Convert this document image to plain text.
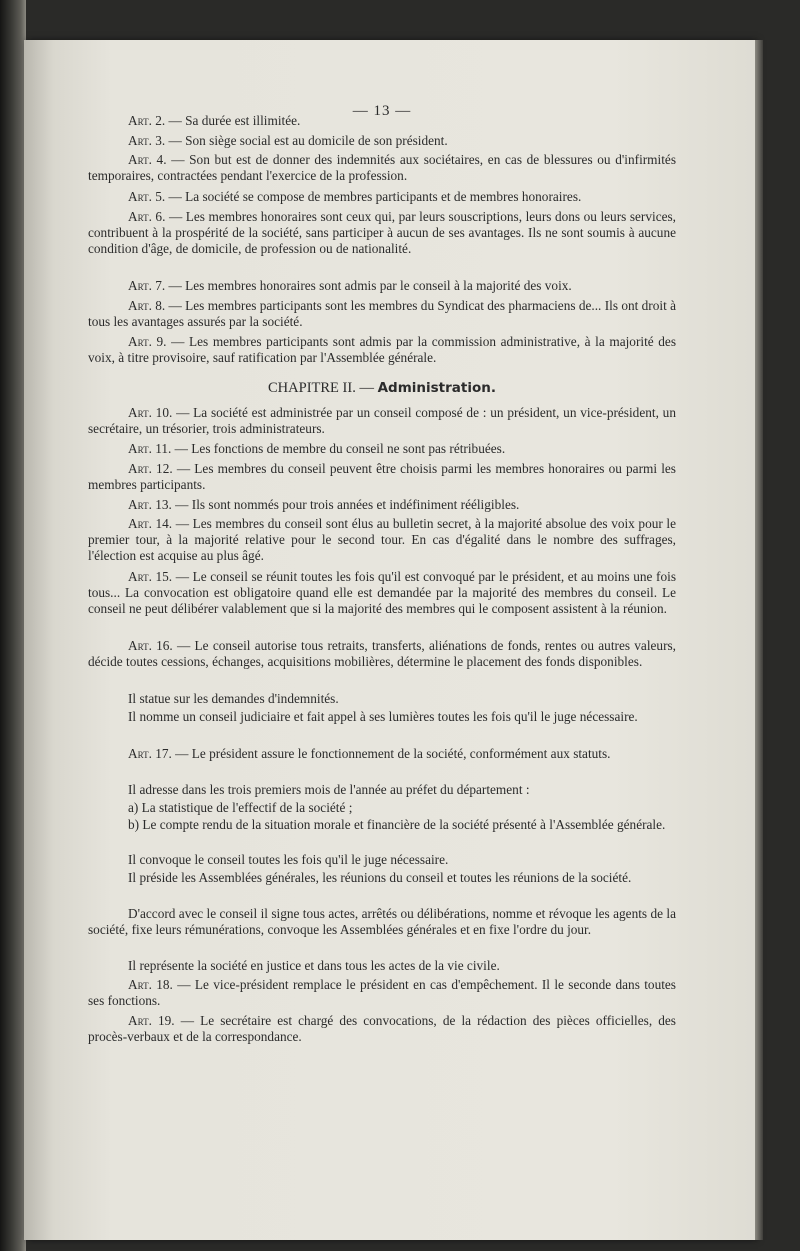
— 13 —

Art. 2. — Sa durée est illimitée.

Art. 3. — Son siège social est au domicile de son président.

Art. 4. — Son but est de donner des indemnités aux sociétaires, en cas de blessures ou d'infirmités temporaires, contractées pendant l'exercice de la profession.

Art. 5. — La société se compose de membres participants et de membres honoraires.

Art. 6. — Les membres honoraires sont ceux qui, par leurs souscriptions, leurs dons ou leurs services, contribuent à la prospérité de la société, sans participer à aucun de ses avantages. Ils ne sont soumis à aucune condition d'âge, de domicile, de profession ou de nationalité.

Art. 7. — Les membres honoraires sont admis par le conseil à la majorité des voix.

Art. 8. — Les membres participants sont les membres du Syndicat des pharmaciens de... Ils ont droit à tous les avantages assurés par la société.

Art. 9. — Les membres participants sont admis par la commission administrative, à la majorité des voix, à titre provisoire, sauf ratification par l'Assemblée générale.

CHAPITRE II. — Administration.

Art. 10. — La société est administrée par un conseil composé de : un président, un vice-président, un secrétaire, un trésorier, trois administrateurs.

Art. 11. — Les fonctions de membre du conseil ne sont pas rétribuées.

Art. 12. — Les membres du conseil peuvent être choisis parmi les membres honoraires ou parmi les membres participants.

Art. 13. — Ils sont nommés pour trois années et indéfiniment rééligibles.

Art. 14. — Les membres du conseil sont élus au bulletin secret, à la majorité absolue des voix pour le premier tour, à la majorité relative pour le second tour. En cas d'égalité dans le nombre des suffrages, l'élection est acquise au plus âgé.

Art. 15. — Le conseil se réunit toutes les fois qu'il est convoqué par le président, et au moins une fois tous... La convocation est obligatoire quand elle est demandée par la majorité des membres du conseil. Le conseil ne peut délibérer valablement que si la majorité des membres qui le composent assistent à la réunion.

Art. 16. — Le conseil autorise tous retraits, transferts, aliénations de fonds, rentes ou autres valeurs, décide toutes cessions, échanges, acquisitions mobilières, détermine le placement des fonds disponibles.

Il statue sur les demandes d'indemnités.

Il nomme un conseil judiciaire et fait appel à ses lumières toutes les fois qu'il le juge nécessaire.

Art. 17. — Le président assure le fonctionnement de la société, conformément aux statuts.

Il adresse dans les trois premiers mois de l'année au préfet du département :

a) La statistique de l'effectif de la société ;

b) Le compte rendu de la situation morale et financière de la société présenté à l'Assemblée générale.

Il convoque le conseil toutes les fois qu'il le juge nécessaire.

Il préside les Assemblées générales, les réunions du conseil et toutes les réunions de la société.

D'accord avec le conseil il signe tous actes, arrêtés ou délibérations, nomme et révoque les agents de la société, fixe leurs rémunérations, convoque les Assemblées générales et en fixe l'ordre du jour.

Il représente la société en justice et dans tous les actes de la vie civile.

Art. 18. — Le vice-président remplace le président en cas d'empêchement. Il le seconde dans toutes ses fonctions.

Art. 19. — Le secrétaire est chargé des convocations, de la rédaction des pièces officielles, des procès-verbaux et de la correspondance.
